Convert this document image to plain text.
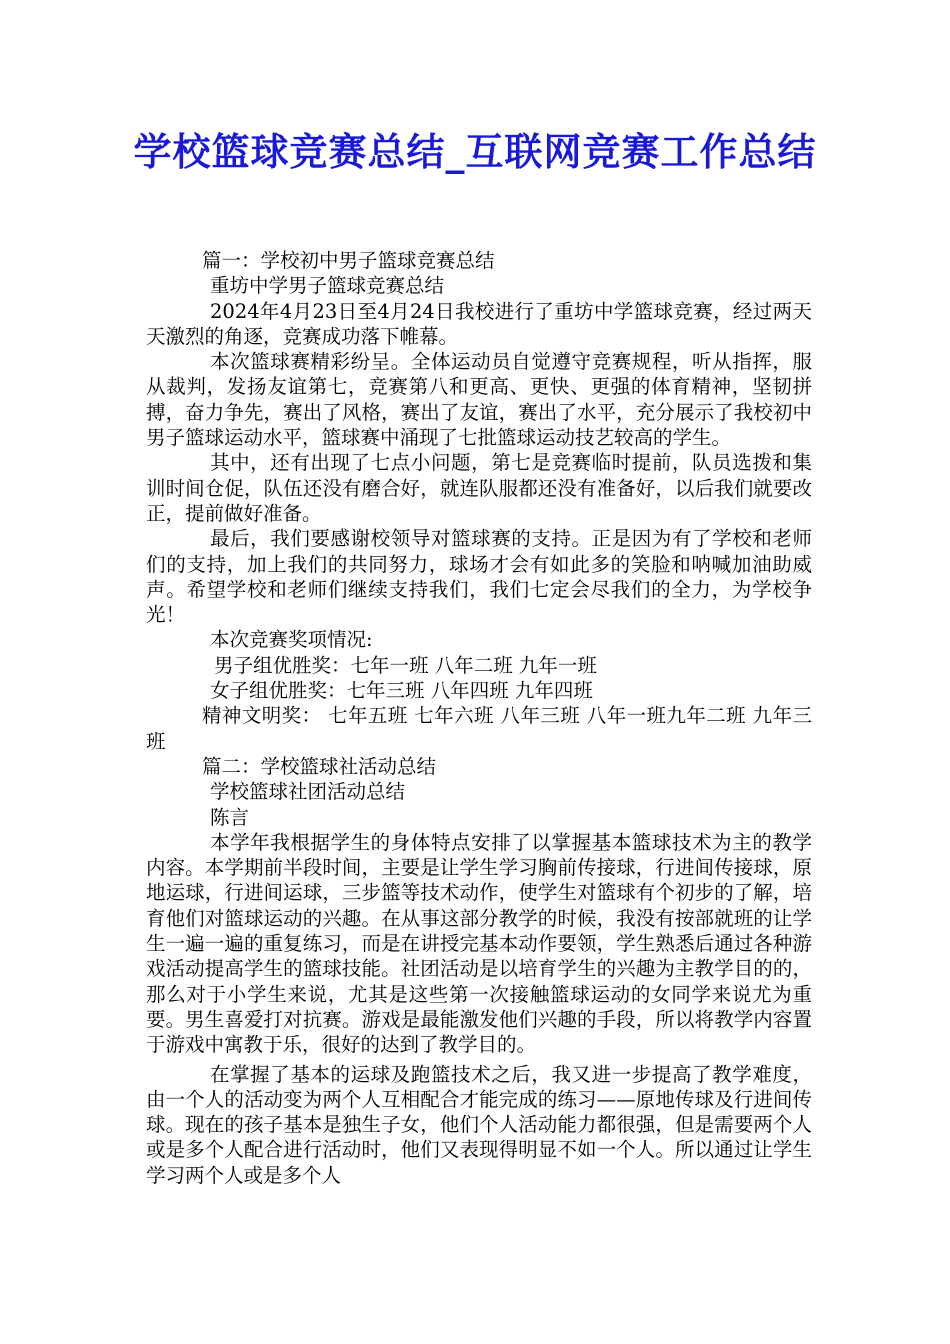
学校篮球竞赛总结_互联网竞赛工作总结
篇一：学校初中男子篮球竞赛总结
重坊中学男子篮球竞赛总结

2024年4月23日至4月24日我校进行了重坊中学篮球竞赛，经过两天天激烈的角逐，竞赛成功落下帷幕。

本次篮球赛精彩纷呈。全体运动员自觉遵守竞赛规程，听从指挥，服从裁判，发扬友谊第七，竞赛第八和更高、更快、更强的体育精神，坚韧拼搏，奋力争先，赛出了风格，赛出了友谊，赛出了水平，充分展示了我校初中男子篮球运动水平，篮球赛中涌现了七批篮球运动技艺较高的学生。

其中，还有出现了七点小问题，第七是竞赛临时提前，队员选拨和集训时间仓促，队伍还没有磨合好，就连队服都还没有准备好，以后我们就要改正，提前做好准备。

最后，我们要感谢校领导对篮球赛的支持。正是因为有了学校和老师们的支持，加上我们的共同努力，球场才会有如此多的笑脸和呐喊加油助威声。希望学校和老师们继续支持我们，我们七定会尽我们的全力，为学校争光！

本次竞赛奖项情况:
男子组优胜奖：七年一班 八年二班 九年一班
女子组优胜奖：七年三班 八年四班 九年四班

精神文明奖： 七年五班 七年六班 八年三班 八年一班九年二班 九年三班

篇二：学校篮球社活动总结
学校篮球社团活动总结
陈言

本学年我根据学生的身体特点安排了以掌握基本篮球技术为主的教学内容。本学期前半段时间，主要是让学生学习胸前传接球，行进间传接球，原地运球，行进间运球，三步篮等技术动作，使学生对篮球有个初步的了解，培育他们对篮球运动的兴趣。在从事这部分教学的时候，我没有按部就班的让学生一遍一遍的重复练习，而是在讲授完基本动作要领，学生熟悉后通过各种游戏活动提高学生的篮球技能。社团活动是以培育学生的兴趣为主教学目的的，那么对于小学生来说，尤其是这些第一次接触篮球运动的女同学来说尤为重要。男生喜爱打对抗赛。游戏是最能激发他们兴趣的手段，所以将教学内容置于游戏中寓教于乐，很好的达到了教学目的。

在掌握了基本的运球及跑篮技术之后，我又进一步提高了教学难度，由一个人的活动变为两个人互相配合才能完成的练习——原地传球及行进间传球。现在的孩子基本是独生子女，他们个人活动能力都很强，但是需要两个人或是多个人配合进行活动时，他们又表现得明显不如一个人。所以通过让学生学习两个人或是多个人
